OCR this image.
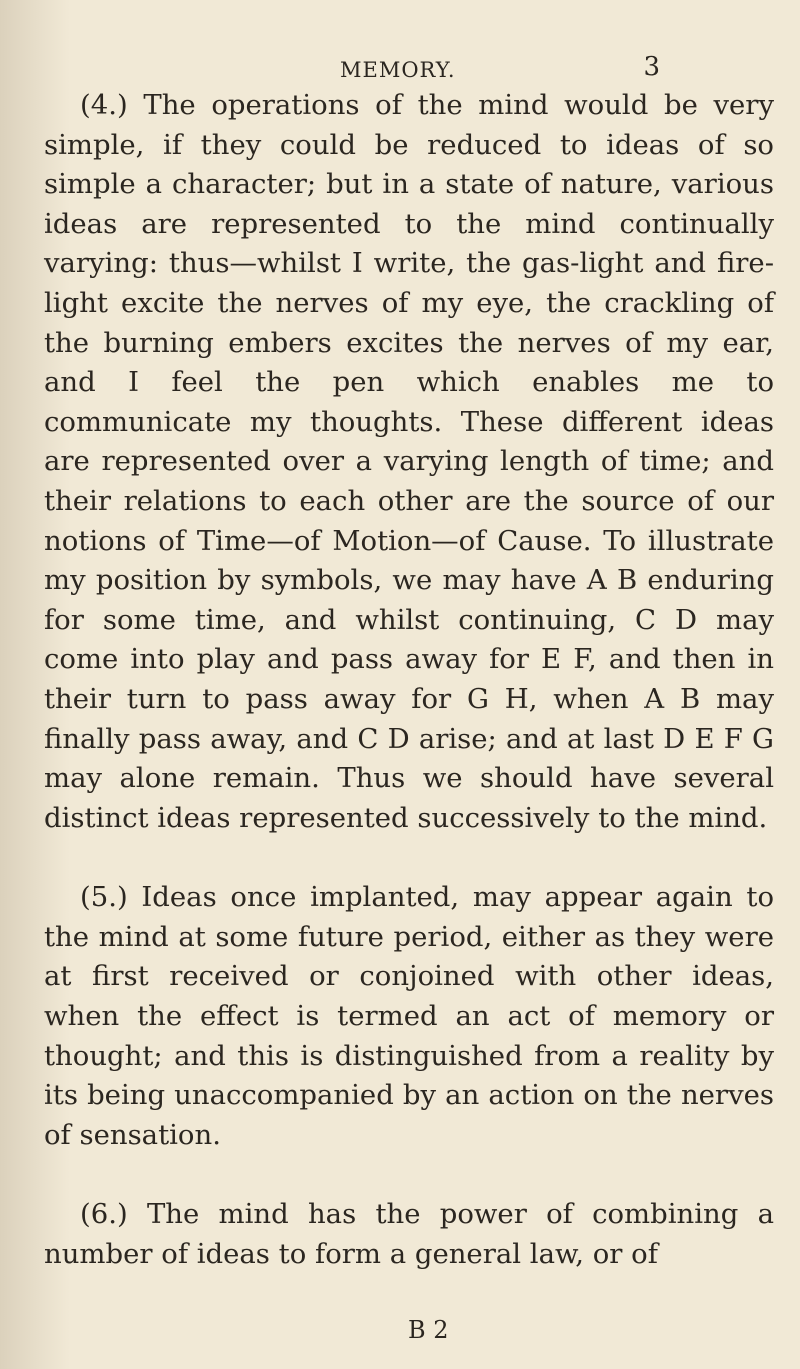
MEMORY.	3

(4.) The operations of the mind would be very simple, if they could be reduced to ideas of so simple a character; but in a state of nature, various ideas are represented to the mind continually varying: thus—whilst I write, the gas-light and fire-light excite the nerves of my eye, the crackling of the burning embers excites the nerves of my ear, and I feel the pen which enables me to communicate my thoughts. These different ideas are represented over a varying length of time; and their relations to each other are the source of our notions of Time—of Motion—of Cause. To illustrate my position by symbols, we may have A B enduring for some time, and whilst continuing, C D may come into play and pass away for E F, and then in their turn to pass away for G H, when A B may finally pass away, and C D arise; and at last D E F G may alone remain. Thus we should have several distinct ideas represented successively to the mind.

(5.) Ideas once implanted, may appear again to the mind at some future period, either as they were at first received or conjoined with other ideas, when the effect is termed an act of memory or thought; and this is distinguished from a reality by its being unaccompanied by an action on the nerves of sensation.

(6.) The mind has the power of combining a number of ideas to form a general law, or of

B 2
